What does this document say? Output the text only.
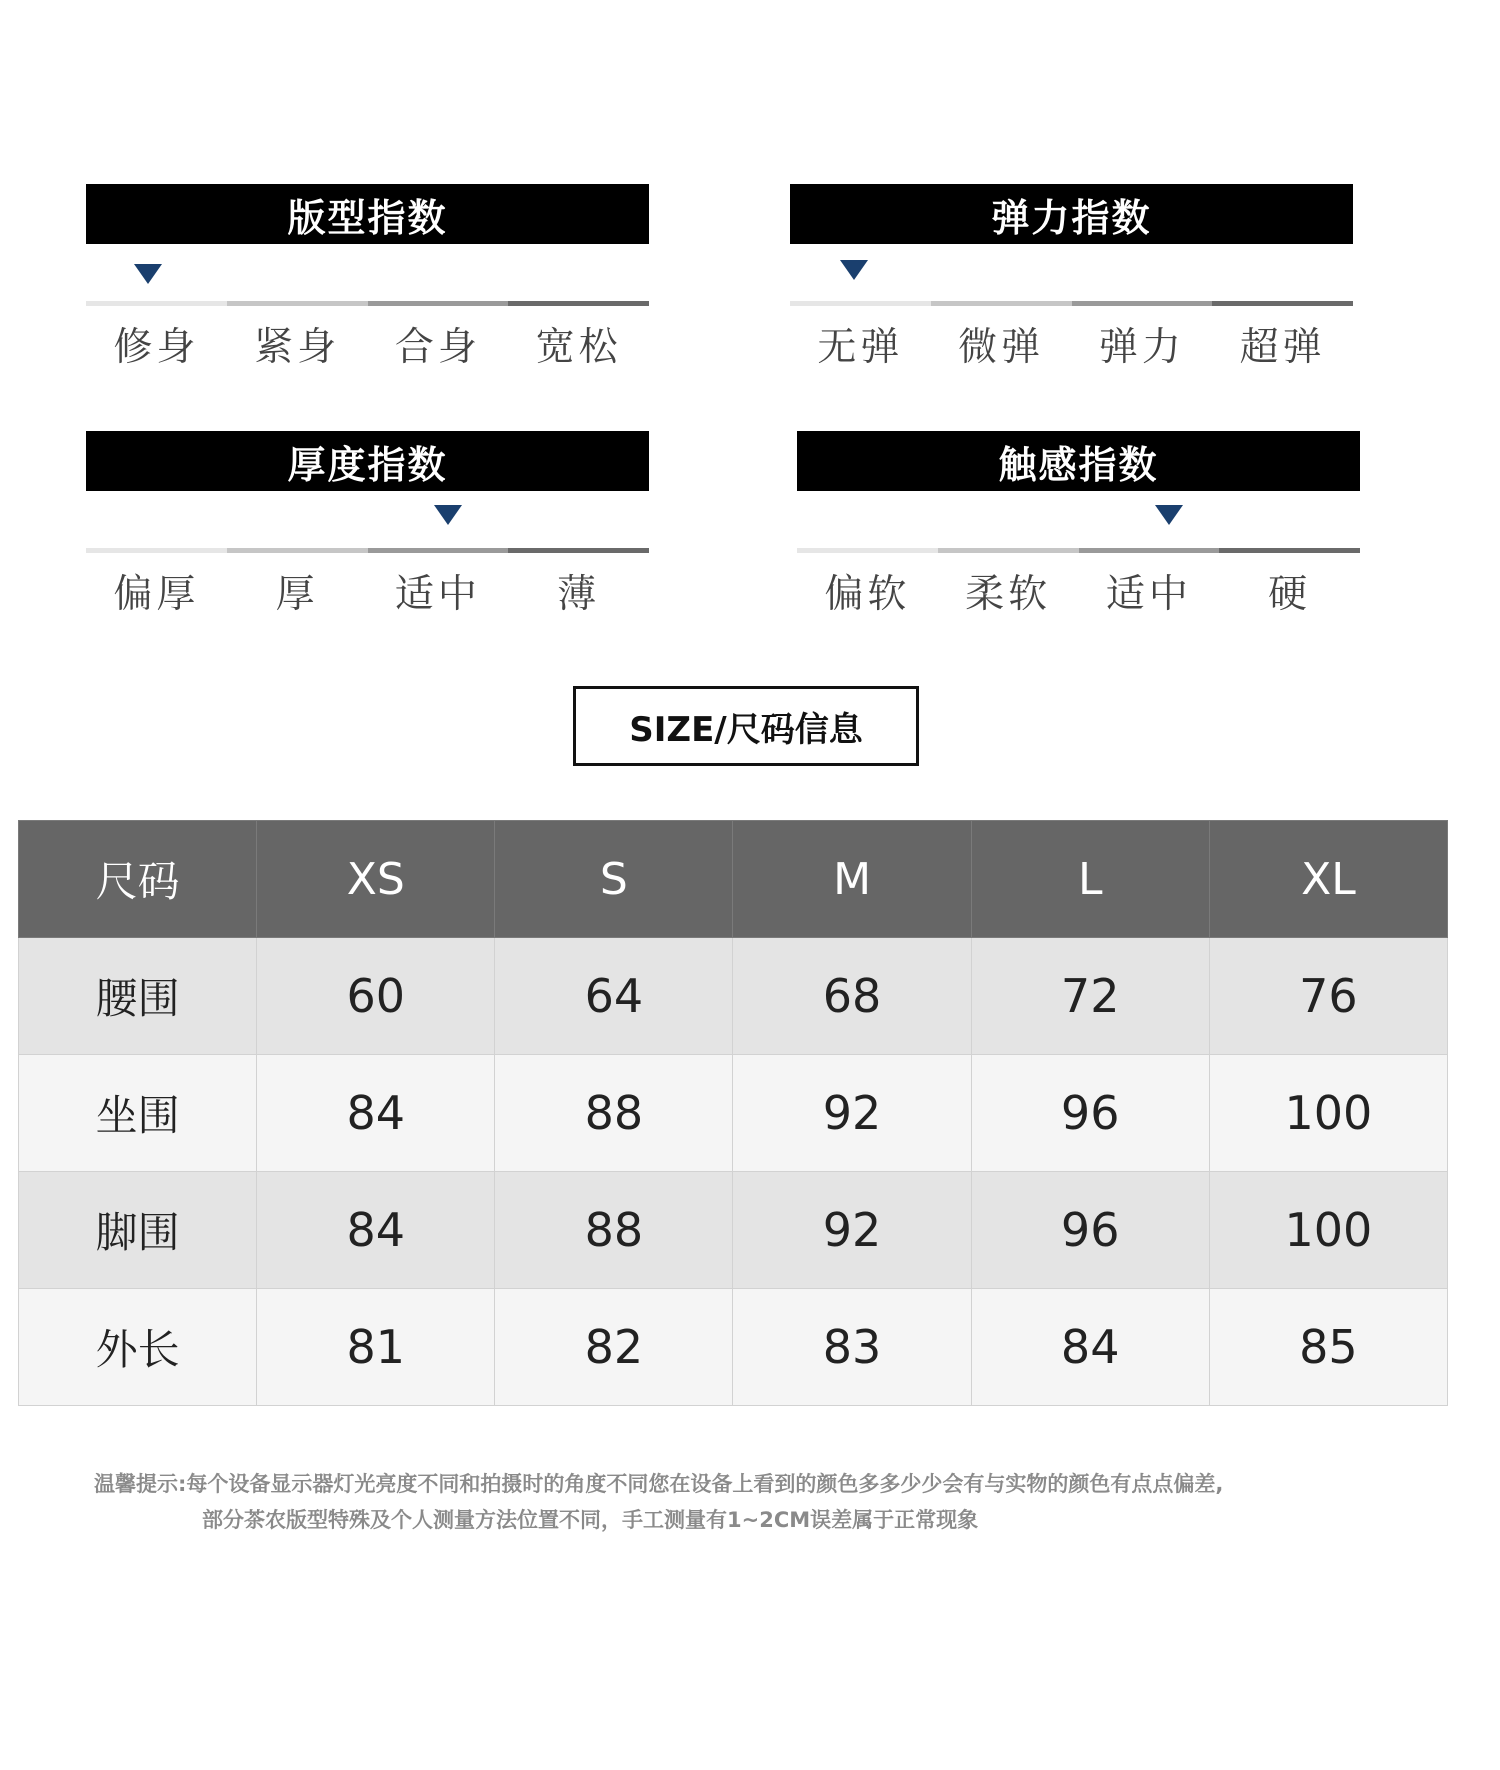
版型指数
修身	紧身	合身	宽松
弹力指数
无弹	微弹	弹力	超弹
厚度指数
偏厚	厚	适中	薄
触感指数
偏软	柔软	适中	硬
SIZE/尺码信息
尺码	XS	S	M	L	XL
腰围	60	64	68	72	76
坐围	84	88	92	96	100
脚围	84	88	92	96	100
外长	81	82	83	84	85
温馨提示:每个设备显示器灯光亮度不同和拍摄时的角度不同您在设备上看到的颜色多多少少会有与实物的颜色有点点偏差,
部分茶农版型特殊及个人测量方法位置不同，手工测量有1~2CM误差属于正常现象
